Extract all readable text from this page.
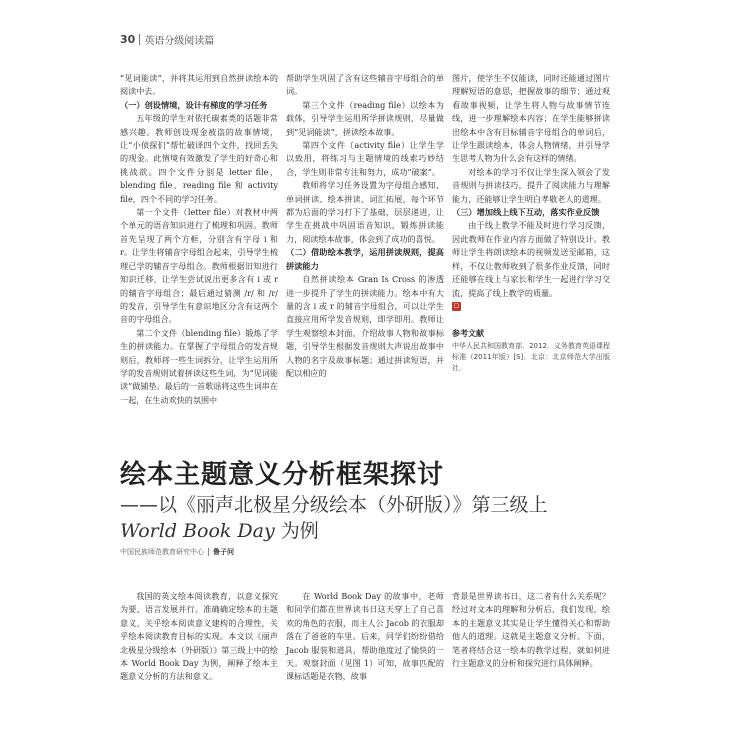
30 英语分级阅读篇

“见词能读”，并将其运用到自然拼读绘本的阅读中去。

（一）创设情境，设计有梯度的学习任务

五年级的学生对依托碳素类的话题非常感兴趣。教师创设现金被盗的故事情境，让“小侦探们”帮忙破译四个文件，找回丢失的现金。此情境有效激发了学生的好奇心和挑战欲。四个文件分别是 letter file，blending file，reading file 和 activity file，四个不同的学习任务。

第一个文件（letter file）对教材中两个单元的语音知识进行了梳理和巩固。教师首先呈现了两个方框，分别含有字母 i 和 r。让学生将辅音字母组合起来，引导学生梳理已学的辅音字母组合。教师根据旧知进行知识迁移，让学生尝试说出更多含有 i 或 r 的辅音字母组合；最后通过猜测 /r/ 和 /r/ 的发音，引导学生有意识地区分含有这两个音的字母组合。

第二个文件（blending file）锻炼了学生的拼读能力。在掌握了字母组合的发音规则后，教师将一些生词拆分，让学生运用所学的发音规则试着拼读这些生词，为“见词能读”做铺垫。最后的一首歌谣将这些生词串在一起，在生动欢快的氛围中

帮助学生巩固了含有这些辅音字母组合的单词。

第三个文件（reading file）以绘本为载体，引导学生运用所学拼读规则，尽量做到“见词能读”，拼读绘本故事。

第四个文件（activity file）让学生学以致用，将练习与主题情境的线索巧妙结合，学生则非常专注和努力，成功“破案”。

教师将学习任务设置为字母组合感知、单词拼读、绘本拼读、词汇拓展，每个环节都为后面的学习打下了基础，层层递进，让学生在挑战中巩固语音知识，锻炼拼读能力，阅读绘本故事，体会到了成功的喜悦。

（二）借助绘本教学，运用拼读规则，提高拼读能力

自然拼读绘本 Gran Is Cross 的渗透进一步提升了学生的拼读能力。绘本中有大量的含 i 或 r 的辅音字母组合，可以让学生直接应用所学发音规则，即学即用。教师让学生观察绘本封面，介绍故事人物和故事标题，引导学生根据发音规则大声说出故事中人物的名字及故事标题；通过拼读短语，并配以相应的

图片，使学生不仅能读，同时还能通过图片理解短语的意思，把握故事的细节；通过观看故事视频，让学生将人物与故事情节连线，进一步理解绘本内容；在学生能够拼读出绘本中含有目标辅音字母组合的单词后，让学生跟读绘本，体会人物情绪，并引导学生思考人物为什么会有这样的情绪。

对绘本的学习不仅让学生深入领会了发音规则与拼读技巧，提升了阅读能力与理解能力，还能够让学生明白孝敬老人的道理。

（三）增加线上线下互动，落实作业反馈

由于线上教学不能及时进行学习反馈，因此教师在作业内容方面做了特别设计。教师让学生将朗读绘本的视频发送至邮箱，这样，不仅让教师收到了很多作业反馈，同时还能够在线上与家长和学生一起进行学习交流，提高了线上教学的质量。

☐
参考文献
中华人民共和国教育部．2012．义务教育英语课程标准（2011年版）[S]．北京：北京师范大学出版社．
绘本主题意义分析框架探讨
——以《丽声北极星分级绘本（外研版）》第三级上
World Book Day 为例
中国民族师范教育研究中心 鲁子问

我国的英文绘本阅读教育，以意义探究为要、语言发展并行。准确确定绘本的主题意义，关乎绘本阅读意义建构的合理性，关乎绘本阅读教育目标的实现。本文以《丽声北极星分级绘本（外研版）》第三级上中的绘本 World Book Day 为例，阐释了绘本主题意义分析的方法和意义。

在 World Book Day 的故事中，老师和同学们都在世界读书日这天穿上了自己喜欢的角色的衣服，而主人公 Jacob 的衣服却落在了爸爸的车里。后来，同学们纷纷借给 Jacob 服装和道具，帮助他度过了愉快的一天。观察封面（见图 1）可知，故事匹配的课标话题是衣物，故事

背景是世界读书日，这二者有什么关系呢？经过对文本的理解和分析后，我们发现，绘本的主题意义其实是让学生懂得关心和帮助他人的道理。这就是主题意义分析。下面，笔者将结合这一绘本的教学过程，就如何进行主题意义的分析和探究进行具体阐释。
